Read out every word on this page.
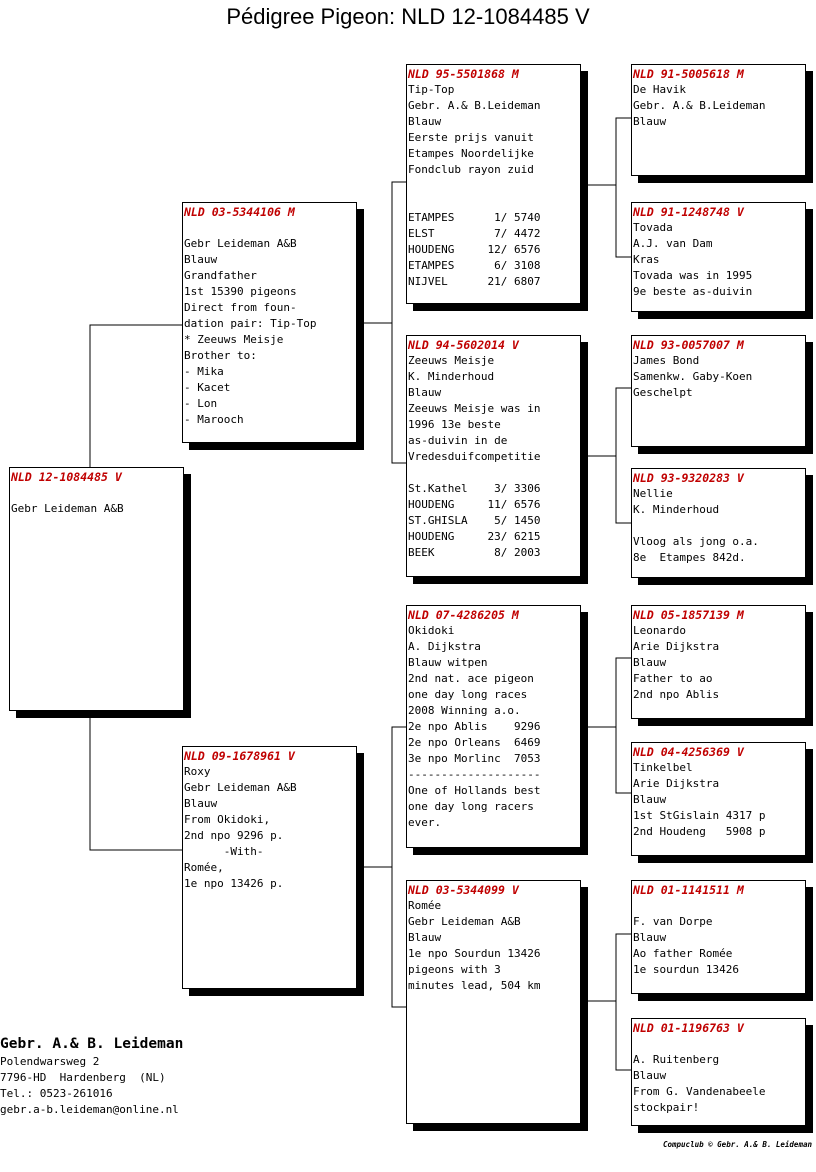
Pédigree Pigeon: NLD 12-1084485 V
NLD 12-1084485 V
Gebr Leideman A&B
NLD 03-5344106 M
Gebr Leideman A&B
Blauw
Grandfather
1st 15390 pigeons
Direct from foun-
dation pair: Tip-Top
* Zeeuws Meisje
Brother to:
- Mika
- Kacet
- Lon
- Marooch
NLD 09-1678961 V
Roxy
Gebr Leideman A&B
Blauw
From Okidoki,
2nd npo 9296 p.
-With-
Romée,
1e npo 13426 p.
NLD 95-5501868 M
Tip-Top
Gebr. A.& B.Leideman
Blauw
Eerste prijs vanuit
Etampes Noordelijke
Fondclub rayon zuid
ETAMPES      1/ 5740
ELST         7/ 4472
HOUDENG     12/ 6576
ETAMPES      6/ 3108
NIJVEL      21/ 6807
NLD 94-5602014 V
Zeeuws Meisje
K. Minderhoud
Blauw
Zeeuws Meisje was in
1996 13e beste
as-duivin in de
Vredesduifcompetitie
St.Kathel    3/ 3306
HOUDENG     11/ 6576
ST.GHISLA    5/ 1450
HOUDENG     23/ 6215
BEEK         8/ 2003
NLD 07-4286205 M
Okidoki
A. Dijkstra
Blauw witpen
2nd nat. ace pigeon
one day long races
2008 Winning a.o.
2e npo Ablis    9296
2e npo Orleans  6469
3e npo Morlinc  7053
--------------------
One of Hollands best
one day long racers
ever.
NLD 03-5344099 V
Romée
Gebr Leideman A&B
Blauw
1e npo Sourdun 13426
pigeons with 3
minutes lead, 504 km
NLD 91-5005618 M
De Havik
Gebr. A.& B.Leideman
Blauw
NLD 91-1248748 V
Tovada
A.J. van Dam
Kras
Tovada was in 1995
9e beste as-duivin
NLD 93-0057007 M
James Bond
Samenkw. Gaby-Koen
Geschelpt
NLD 93-9320283 V
Nellie
K. Minderhoud
Vloog als jong o.a.
8e  Etampes 842d.
NLD 05-1857139 M
Leonardo
Arie Dijkstra
Blauw
Father to ao
2nd npo Ablis
NLD 04-4256369 V
Tinkelbel
Arie Dijkstra
Blauw
1st StGislain 4317 p
2nd Houdeng   5908 p
NLD 01-1141511 M
F. van Dorpe
Blauw
Ao father Romée
1e sourdun 13426
NLD 01-1196763 V
A. Ruitenberg
Blauw
From G. Vandenabeele
stockpair!
Gebr. A.& B. Leideman
Polendwarsweg 2
7796-HD  Hardenberg  (NL)
Tel.: 0523-261016
gebr.a-b.leideman@online.nl
Compuclub © Gebr. A.& B. Leideman
